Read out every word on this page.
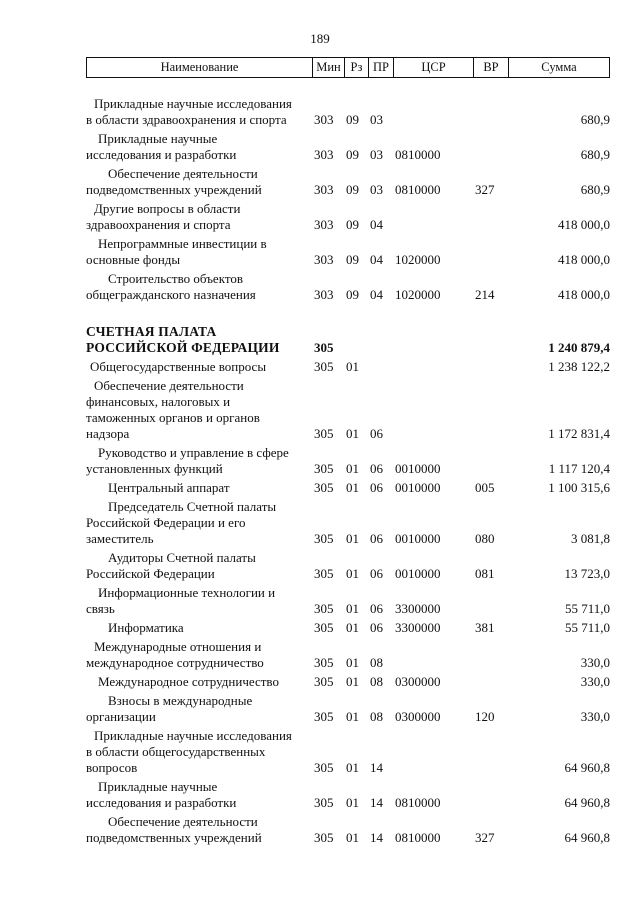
189
Наименование	Мин Рз ПР	ЦСР	ВР	Сумма
Прикладные научные исследования
в области здравоохранения и спорта	303 09 03	680,9
Прикладные научные
исследования и разработки	303 09 03 0810000	680,9
Обеспечение деятельности
подведомственных учреждений	303 09 03 0810000	327	680,9
Другие вопросы в области
здравоохранения и спорта	303 09 04	418 000,0
Непрограммные инвестиции в
основные фонды	303 09 04 1020000	418 000,0
Строительство объектов
общегражданского назначения	303 09 04 1020000	214	418 000,0
СЧЕТНАЯ ПАЛАТА
РОССИЙСКОЙ ФЕДЕРАЦИИ	305	1 240 879,4
Общегосударственные вопросы	305 01	1 238 122,2
Обеспечение деятельности
финансовых, налоговых и
таможенных органов и органов
надзора	305 01 06	1 172 831,4
Руководство и управление в сфере
установленных функций	305 01 06 0010000	1 117 120,4
Центральный аппарат	305 01 06 0010000	005	1 100 315,6
Председатель Счетной палаты
Российской Федерации и его
заместитель	305 01 06 0010000	080	3 081,8
Аудиторы Счетной палаты
Российской Федерации	305 01 06 0010000	081	13 723,0
Информационные технологии и
связь	305 01 06 3300000	55 711,0
Информатика	305 01 06 3300000	381	55 711,0
Международные отношения и
международное сотрудничество	305 01 08	330,0
Международное сотрудничество	305 01 08 0300000	330,0
Взносы в международные
организации	305 01 08 0300000	120	330,0
Прикладные научные исследования
в области общегосударственных
вопросов	305 01 14	64 960,8
Прикладные научные
исследования и разработки	305 01 14 0810000	64 960,8
Обеспечение деятельности
подведомственных учреждений	305 01 14 0810000	327	64 960,8
